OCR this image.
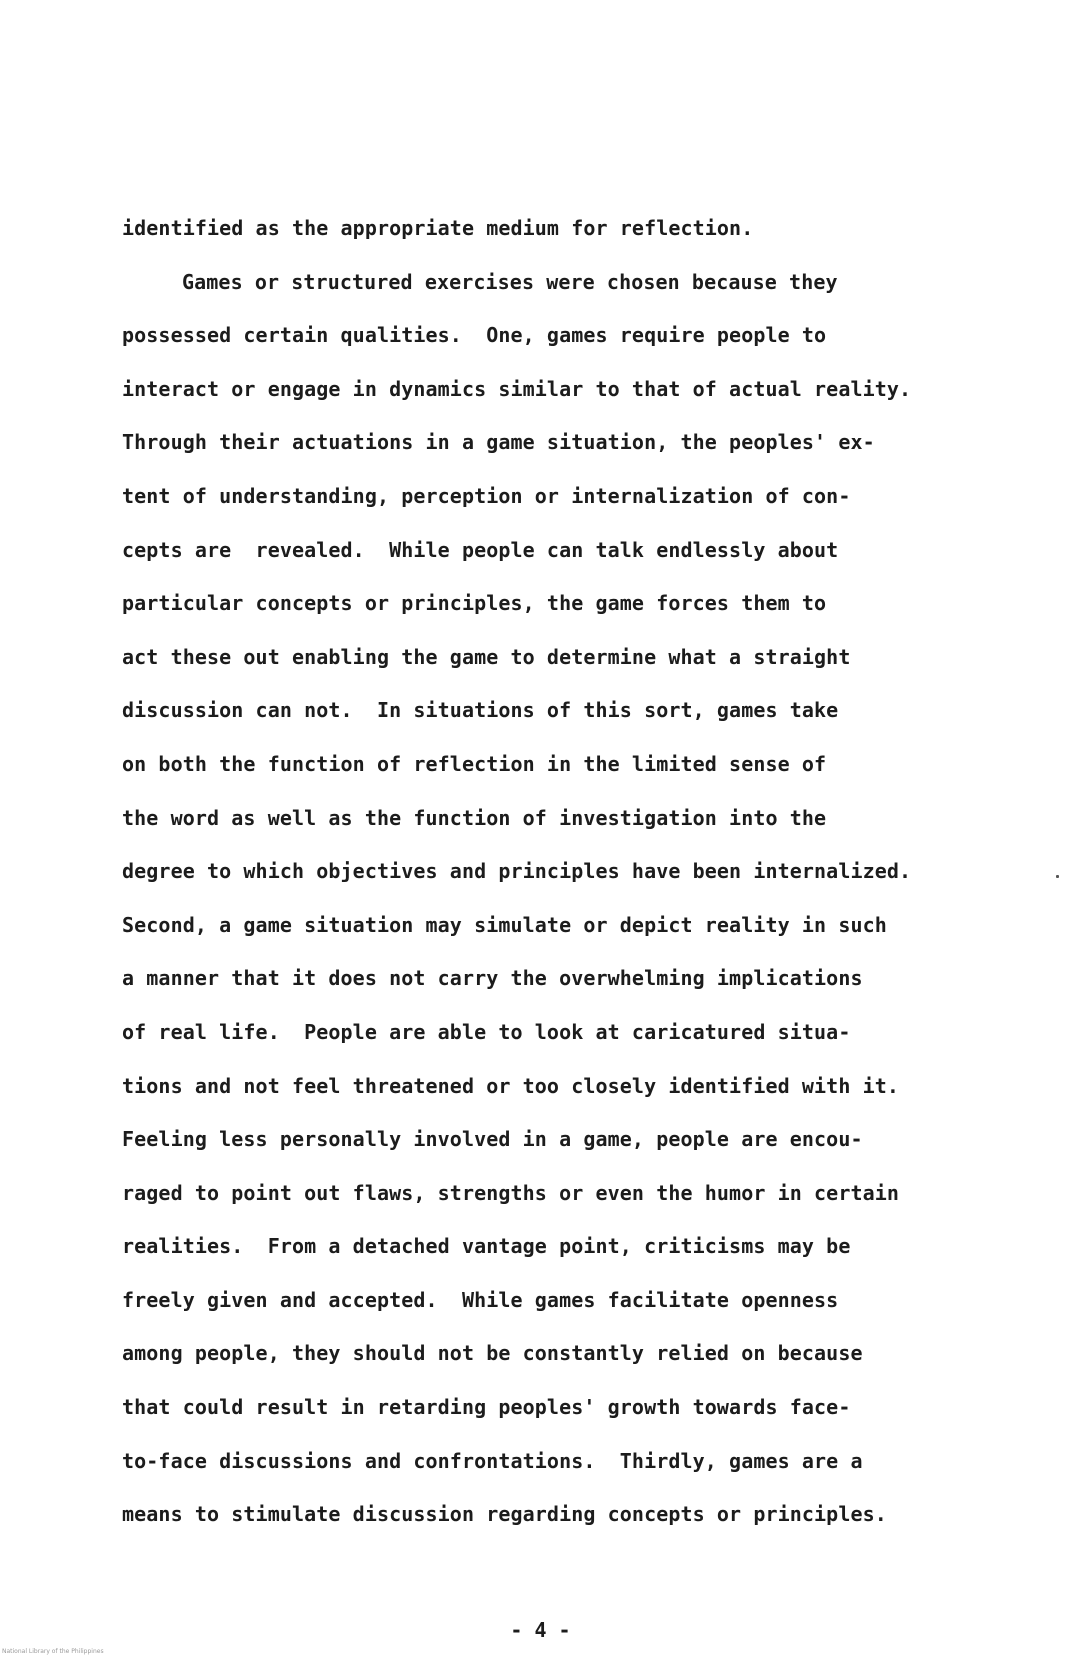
identified as the appropriate medium for reflection.
Games or structured exercises were chosen because they
possessed certain qualities.  One, games require people to
interact or engage in dynamics similar to that of actual reality.
Through their actuations in a game situation, the peoples' ex-
tent of understanding, perception or internalization of con-
cepts are  revealed.  While people can talk endlessly about
particular concepts or principles, the game forces them to
act these out enabling the game to determine what a straight
discussion can not.  In situations of this sort, games take
on both the function of reflection in the limited sense of
the word as well as the function of investigation into the
degree to which objectives and principles have been internalized.
Second, a game situation may simulate or depict reality in such
a manner that it does not carry the overwhelming implications
of real life.  People are able to look at caricatured situa-
tions and not feel threatened or too closely identified with it.
Feeling less personally involved in a game, people are encou-
raged to point out flaws, strengths or even the humor in certain
realities.  From a detached vantage point, criticisms may be
freely given and accepted.  While games facilitate openness
among people, they should not be constantly relied on because
that could result in retarding peoples' growth towards face-
to-face discussions and confrontations.  Thirdly, games are a
means to stimulate discussion regarding concepts or principles.
- 4 -
National Library of the Philippines
